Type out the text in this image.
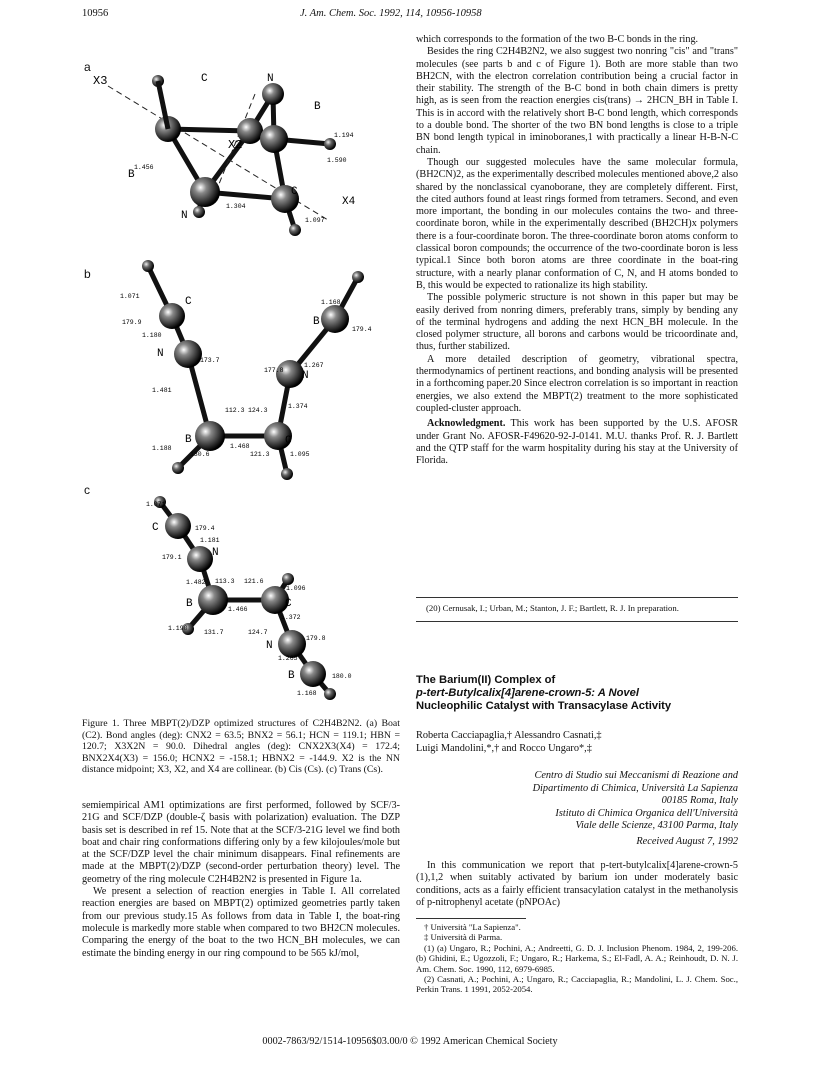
10956	J. Am. Chem. Soc. 1992, 114, 10956-10958
a
b
c
X3	C	N
B
B
X2
C
X4
N
1.194
1.590
1.456
1.304
1.097
C
N
B
B
C
N
1.071
179.9
1.180
173.7
1.481
112.3 124.3
1.468
1.188
130.6	121.3	1.095
1.374
1.168
179.4
1.267
177.8
C
N
B	C
N
B
1.071
179.4
1.181
179.1
1.482 113.3 121.6
1.096
1.466
1.372
1.190
131.7	124.7
179.8
1.265
180.0
1.168
Figure 1. Three MBPT(2)/DZP optimized structures of C2H4B2N2. (a) Boat (C2). Bond angles (deg): CNX2 = 63.5; BNX2 = 56.1; HCN = 119.1; HBN = 120.7; X3X2N = 90.0. Dihedral angles (deg): CNX2X3(X4) = 172.4; BNX2X4(X3) = 156.0; HCNX2 = -158.1; HBNX2 = -144.9. X2 is the NN distance midpoint; X3, X2, and X4 are collinear. (b) Cis (Cs). (c) Trans (Cs).

semiempirical AM1 optimizations are first performed, followed by SCF/3-21G and SCF/DZP (double-ζ basis with polarization) evaluation. The DZP basis set is described in ref 15. Note that at the SCF/3-21G level we find both boat and chair ring conformations differing only by a few kilojoules/mole but at the SCF/DZP level the chair minimum disappears. Final refinements are made at the MBPT(2)/DZP (second-order perturbation theory) level. The geometry of the ring molecule C2H4B2N2 is presented in Figure 1a.

We present a selection of reaction energies in Table I. All correlated reaction energies are based on MBPT(2) optimized geometries partly taken from our previous study.15 As follows from data in Table I, the boat-ring molecule is markedly more stable when compared to two BH2CN molecules. Comparing the energy of the boat to the two HCN_BH molecules, we can estimate the binding energy in our ring compound to be 565 kJ/mol,

which corresponds to the formation of the two B-C bonds in the ring.

Besides the ring C2H4B2N2, we also suggest two nonring "cis" and "trans" molecules (see parts b and c of Figure 1). Both are more stable than two BH2CN, with the electron correlation contribution being a crucial factor in their stability. The strength of the B-C bond in both chain dimers is pretty high, as is seen from the reaction energies cis(trans) → 2HCN_BH in Table I. This is in accord with the relatively short B-C bond length, which corresponds to a double bond. The shorter of the two BN bond lengths is close to a triple BN bond length typical in iminoboranes,1 with practically a linear H-B-N-C chain.

Though our suggested molecules have the same molecular formula, (BH2CN)2, as the experimentally described molecules mentioned above,2 also shared by the nonclassical cyanoborane, they are completely different. First, the cited authors found at least rings formed from tetramers. Second, and even more important, the bonding in our molecules contains the two- and three-coordinate boron, while in the experimentally described (BH2CH)x polymers there is a four-coordinate boron. The three-coordinate boron atoms conform to classical boron compounds; the occurrence of the two-coordinate boron is less typical.1 Since both boron atoms are three coordinate in the boat-ring structure, with a nearly planar conformation of C, N, and H atoms bonded to B, this would be expected to rationalize its high stability.

The possible polymeric structure is not shown in this paper but may be easily derived from nonring dimers, preferably trans, simply by bending any of the terminal hydrogens and adding the next HCN_BH molecule. In the closed polymer structure, all borons and carbons would be tricoordinate and, thus, further stabilized.

A more detailed description of geometry, vibrational spectra, thermodynamics of pertinent reactions, and bonding analysis will be presented in a forthcoming paper.20 Since electron correlation is so important in reaction energies, we also extend the MBPT(2) treatment to the more sophisticated coupled-cluster approach.

Acknowledgment. This work has been supported by the U.S. AFOSR under Grant No. AFOSR-F49620-92-J-0141. M.U. thanks Prof. R. J. Bartlett and the QTP staff for the warm hospitality during his stay at the University of Florida.

(20) Cernusak, I.; Urban, M.; Stanton, J. F.; Bartlett, R. J. In preparation.
The Barium(II) Complex of
p-tert-Butylcalix[4]arene-crown-5: A Novel
Nucleophilic Catalyst with Transacylase Activity
Roberta Cacciapaglia,† Alessandro Casnati,‡
Luigi Mandolini,*,† and Rocco Ungaro*,‡
Centro di Studio sui Meccanismi di Reazione and
Dipartimento di Chimica, Università La Sapienza
00185 Roma, Italy
Istituto di Chimica Organica dell'Università
Viale delle Scienze, 43100 Parma, Italy
Received August 7, 1992

In this communication we report that p-tert-butylcalix[4]arene-crown-5 (1),1,2 when suitably activated by barium ion under moderately basic conditions, acts as a fairly efficient transacylation catalyst in the methanolysis of p-nitrophenyl acetate (pNPOAc)

† Università "La Sapienza".
‡ Università di Parma.
(1) (a) Ungaro, R.; Pochini, A.; Andreetti, G. D. J. Inclusion Phenom. 1984, 2, 199-206. (b) Ghidini, E.; Ugozzoli, F.; Ungaro, R.; Harkema, S.; El-Fadl, A. A.; Reinhoudt, D. N. J. Am. Chem. Soc. 1990, 112, 6979-6985.
(2) Casnati, A.; Pochini, A.; Ungaro, R.; Cacciapaglia, R.; Mandolini, L. J. Chem. Soc., Perkin Trans. 1 1991, 2052-2054.
0002-7863/92/1514-10956$03.00/0 © 1992 American Chemical Society
